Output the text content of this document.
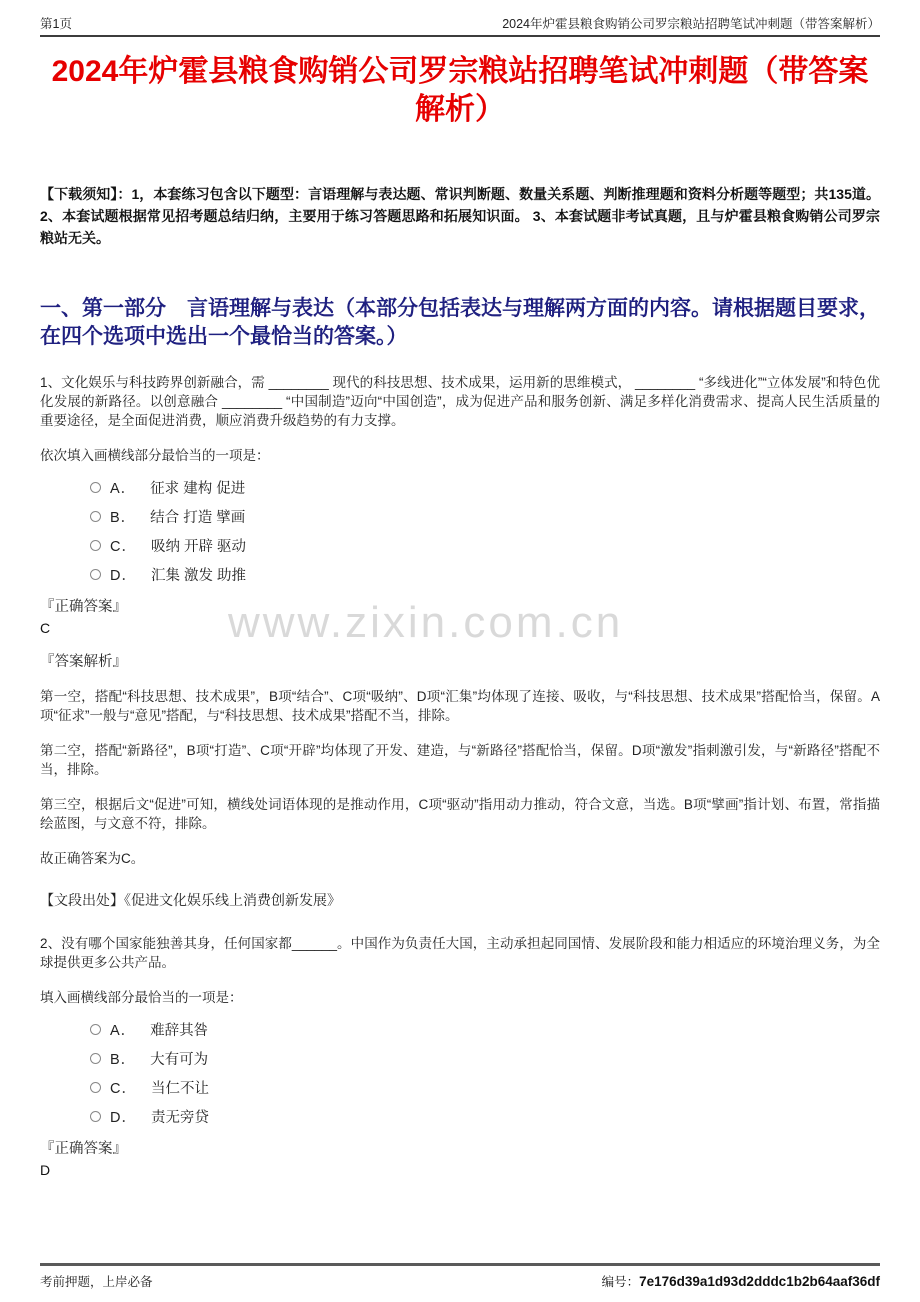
www.zixin.com.cn
第1页	2024年炉霍县粮食购销公司罗宗粮站招聘笔试冲刺题（带答案解析）
2024年炉霍县粮食购销公司罗宗粮站招聘笔试冲刺题（带答案解析）

【下载须知】：1，本套练习包含以下题型：言语理解与表达题、常识判断题、数量关系题、判断推理题和资料分析题等题型；共135道。 2、本套试题根据常见招考题总结归纳，主要用于练习答题思路和拓展知识面。 3、本套试题非考试真题，且与炉霍县粮食购销公司罗宗粮站无关。

一、第一部分　言语理解与表达（本部分包括表达与理解两方面的内容。请根据题目要求，在四个选项中选出一个最恰当的答案。）

1、文化娱乐与科技跨界创新融合，需 ________ 现代的科技思想、技术成果，运用新的思维模式， ________ “多线进化”“立体发展”和特色优化发展的新路径。以创意融合 ________ “中国制造”迈向“中国创造”，成为促进产品和服务创新、满足多样化消费需求、提高人民生活质量的重要途径，是全面促进消费，顺应消费升级趋势的有力支撑。

依次填入画横线部分最恰当的一项是：

A． 征求 建构 促进
B． 结合 打造 擘画
C． 吸纳 开辟 驱动
D． 汇集 激发 助推

『正确答案』

C

『答案解析』

第一空，搭配“科技思想、技术成果”，B项“结合”、C项“吸纳”、D项“汇集”均体现了连接、吸收，与“科技思想、技术成果”搭配恰当，保留。A项“征求”一般与“意见”搭配，与“科技思想、技术成果”搭配不当，排除。

第二空，搭配“新路径”，B项“打造”、C项“开辟”均体现了开发、建造，与“新路径”搭配恰当，保留。D项“激发”指刺激引发，与“新路径”搭配不当，排除。

第三空，根据后文“促进”可知，横线处词语体现的是推动作用，C项“驱动”指用动力推动，符合文意，当选。B项“擘画”指计划、布置，常指描绘蓝图，与文意不符，排除。

故正确答案为C。

【文段出处】《促进文化娱乐线上消费创新发展》

2、没有哪个国家能独善其身，任何国家都______。中国作为负责任大国，主动承担起同国情、发展阶段和能力相适应的环境治理义务，为全球提供更多公共产品。

填入画横线部分最恰当的一项是：

A． 难辞其咎
B． 大有可为
C． 当仁不让
D． 责无旁贷

『正确答案』

D

考前押题，上岸必备	编号：7e176d39a1d93d2dddc1b2b64aaf36df
